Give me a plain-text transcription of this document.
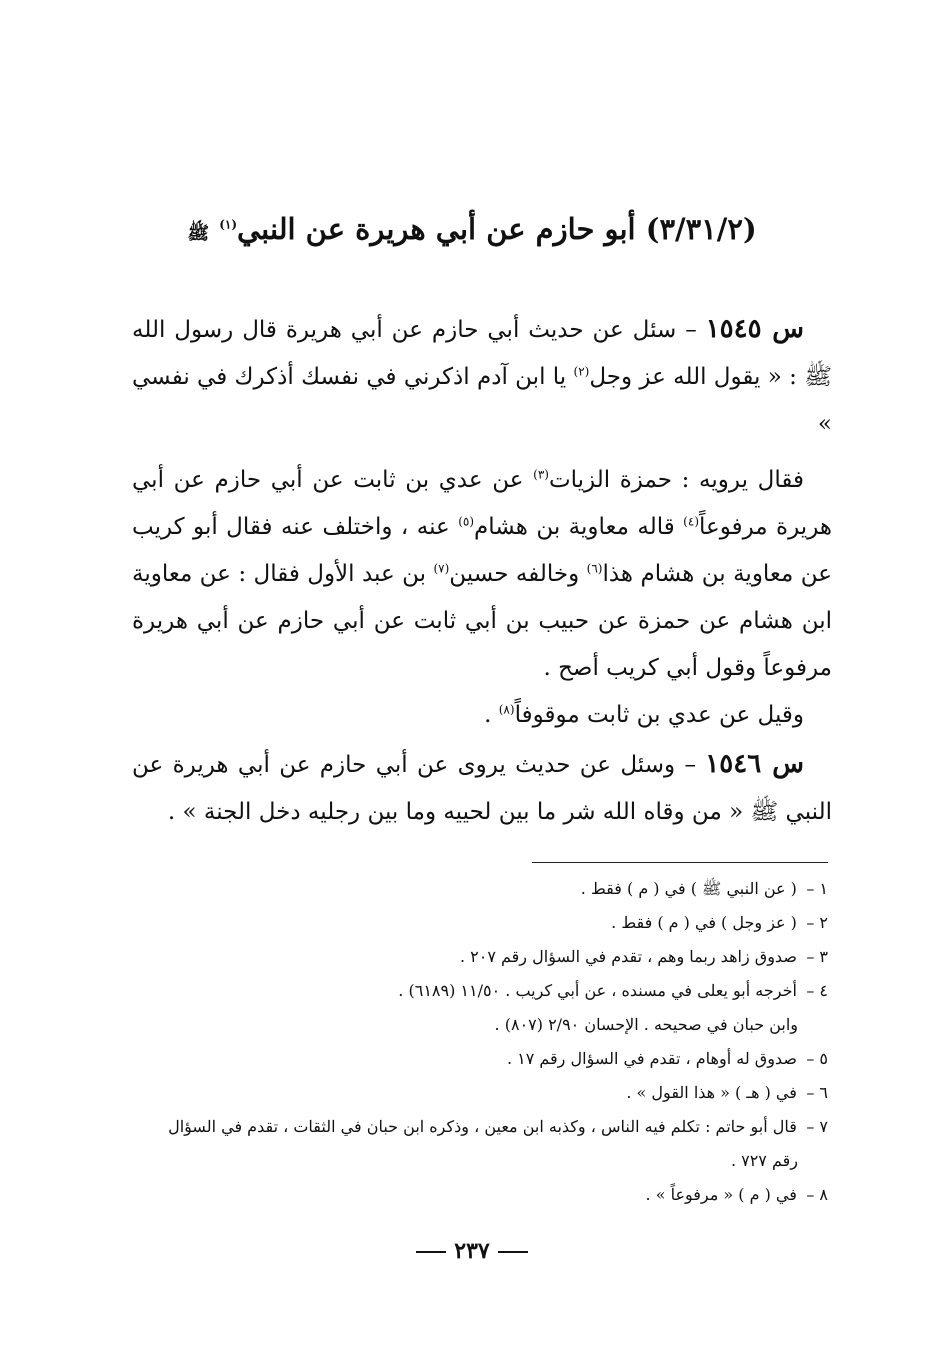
(٣/٣١/٢) أبو حازم عن أبي هريرة عن النبي$^{(١)}$ ﷺ

س ١٥٤٥ – سئل عن حديث أبي حازم عن أبي هريرة قال رسول الله ﷺ : « يقول الله عز وجل$^{(٢)}$ يا ابن آدم اذكرني في نفسك أذكرك في نفسي »

فقال يرويه : حمزة الزيات$^{(٣)}$ عن عدي بن ثابت عن أبي حازم عن أبي هريرة مرفوعاً$^{(٤)}$ قاله معاوية بن هشام$^{(٥)}$ عنه ، واختلف عنه فقال أبو كريب عن معاوية بن هشام هذا$^{(٦)}$ وخالفه حسين$^{(٧)}$ بن عبد الأول فقال : عن معاوية ابن هشام عن حمزة عن حبيب بن أبي ثابت عن أبي حازم عن أبي هريرة مرفوعاً وقول أبي كريب أصح .

وقيل عن عدي بن ثابت موقوفاً$^{(٨)}$ .

س ١٥٤٦ – وسئل عن حديث يروى عن أبي حازم عن أبي هريرة عن النبي ﷺ « من وقاه الله شر ما بين لحييه وما بين رجليه دخل الجنة » .

١ – ( عن النبي ﷺ ) في ( م ) فقط .

٢ – ( عز وجل ) في ( م ) فقط .

٣ – صدوق زاهد ربما وهم ، تقدم في السؤال رقم ٢٠٧ .

٤ – أخرجه أبو يعلى في مسنده ، عن أبي كريب . ١١/٥٠ (٦١٨٩) .

وابن حبان في صحيحه . الإحسان ٢/٩٠ (٨٠٧) .

٥ – صدوق له أوهام ، تقدم في السؤال رقم ١٧ .

٦ – في ( هـ ) « هذا القول » .

٧ – قال أبو حاتم : تكلم فيه الناس ، وكذبه ابن معين ، وذكره ابن حبان في الثقات ، تقدم في السؤال

رقم ٧٢٧ .

٨ – في ( م ) « مرفوعاً » .

٢٣٧
